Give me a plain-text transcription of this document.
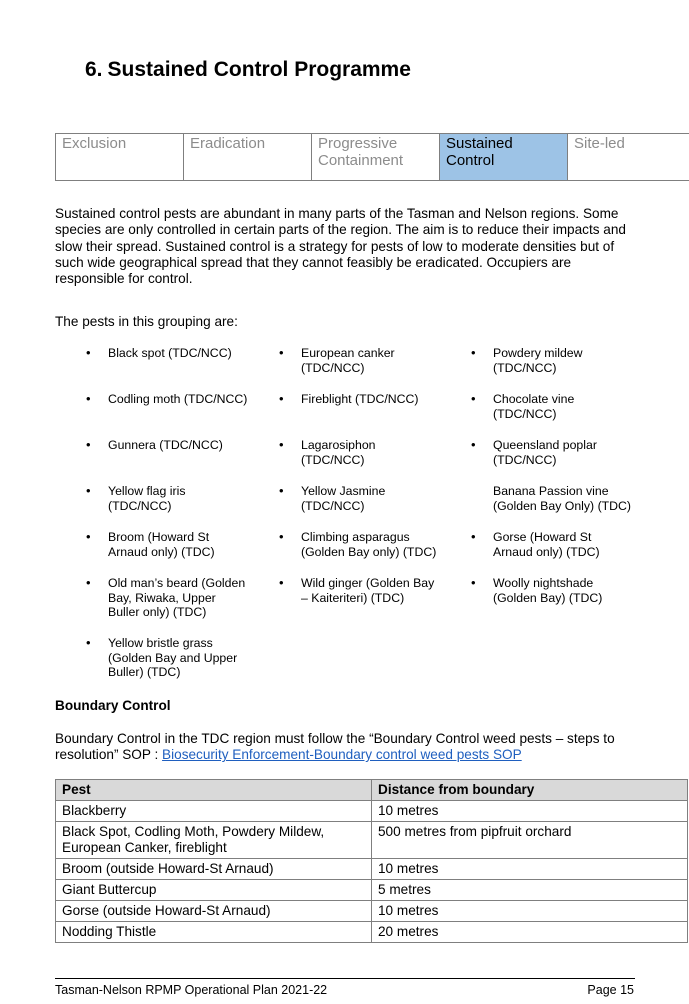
6. Sustained Control Programme
Exclusion	Eradication	Progressive Containment	Sustained Control	Site-led

Sustained control pests are abundant in many parts of the Tasman and Nelson regions. Some species are only controlled in certain parts of the region. The aim is to reduce their impacts and slow their spread. Sustained control is a strategy for pests of low to moderate densities but of such wide geographical spread that they cannot feasibly be eradicated. Occupiers are responsible for control.

The pests in this grouping are:

• Black spot (TDC/NCC)	• European canker (TDC/NCC)
• Powdery mildew (TDC/NCC)
• Codling moth (TDC/NCC) • Fireblight (TDC/NCC)	• Chocolate vine (TDC/NCC)
• Gunnera (TDC/NCC)	• Lagarosiphon (TDC/NCC)
• Queensland poplar (TDC/NCC)
• Yellow flag iris (TDC/NCC)
• Yellow Jasmine (TDC/NCC)
Banana Passion vine (Golden Bay Only) (TDC)
• Broom (Howard St Arnaud only) (TDC)
• Climbing asparagus (Golden Bay only) (TDC)
• Gorse (Howard St Arnaud only) (TDC)
• Old man’s beard (Golden Bay, Riwaka, Upper Buller only) (TDC)
• Wild ginger (Golden Bay – Kaiteriteri) (TDC)
• Woolly nightshade (Golden Bay) (TDC)
• Yellow bristle grass (Golden Bay and Upper Buller) (TDC)
Boundary Control

Boundary Control in the TDC region must follow the “Boundary Control weed pests – steps to resolution” SOP : Biosecurity Enforcement-Boundary control weed pests SOP

Pest	Distance from boundary
Blackberry	10 metres
Black Spot, Codling Moth, Powdery Mildew, European Canker, fireblight	500 metres from pipfruit orchard
Broom (outside Howard-St Arnaud)	10 metres
Giant Buttercup	5 metres
Gorse (outside Howard-St Arnaud)	10 metres
Nodding Thistle	20 metres

Tasman-Nelson RPMP Operational Plan 2021-22	Page 15
